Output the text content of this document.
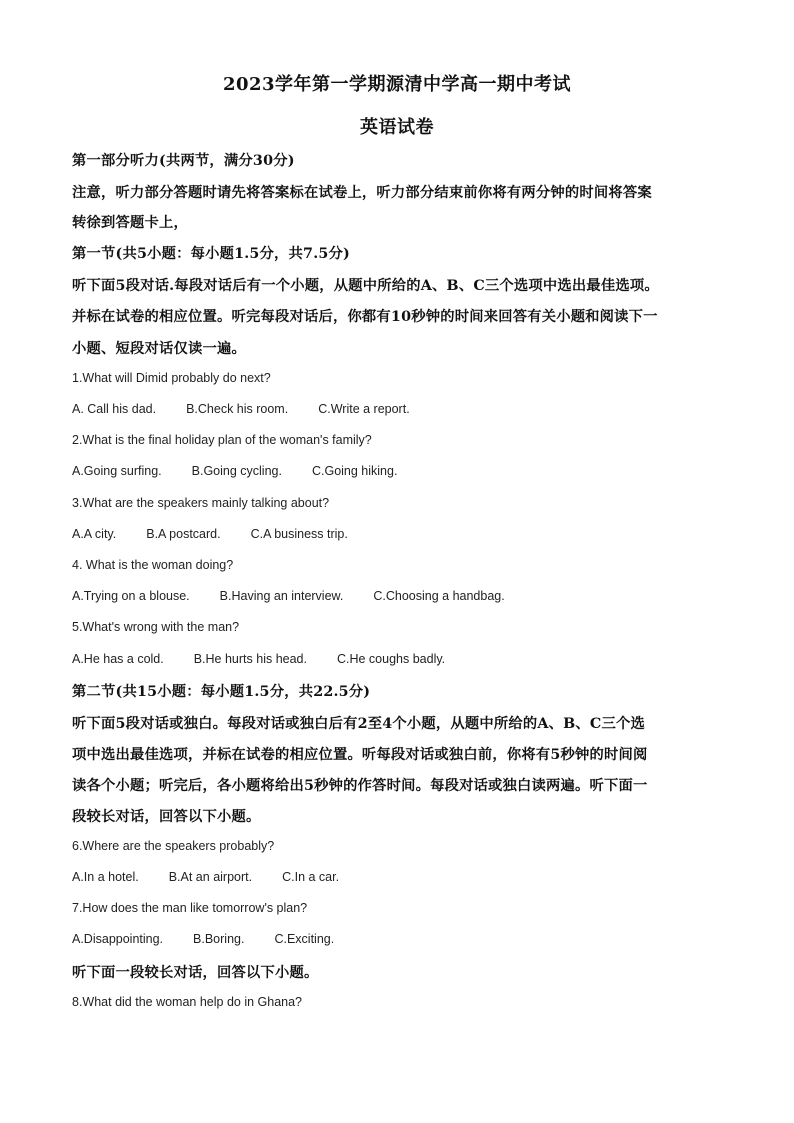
2023学年第一学期源清中学高一期中考试
英语试卷
第一部分听力(共两节，满分30分)
注意，听力部分答题时请先将答案标在试卷上，听力部分结束前你将有两分钟的时间将答案
转徐到答题卡上，
第一节(共5小题：每小题1.5分，共7.5分)
听下面5段对话.每段对话后有一个小题，从题中所给的A、B、C三个选项中选出最佳选项。
并标在试卷的相应位置。听完每段对话后，你都有10秒钟的时间来回答有关小题和阅读下一
小题、短段对话仅读一遍。
1.What will Dimid probably do next?
A. Call his dad. B.Check his room. C.Write a report.
2.What is the final holiday plan of the woman's family?
A.Going surfing. B.Going cycling. C.Going hiking.
3.What are the speakers mainly talking about?
A.A city. B.A postcard. C.A business trip.
4. What is the woman doing?
A.Trying on a blouse. B.Having an interview. C.Choosing a handbag.
5.What's wrong with the man?
A.He has a cold. B.He hurts his head. C.He coughs badly.
第二节(共15小题：每小题1.5分，共22.5分)
听下面5段对话或独白。每段对话或独白后有2至4个小题，从题中所给的A、B、C三个选
项中选出最佳选项，并标在试卷的相应位置。听每段对话或独白前，你将有5秒钟的时间阅
读各个小题；听完后，各小题将给出5秒钟的作答时间。每段对话或独白读两遍。听下面一
段较长对话，回答以下小题。
6.Where are the speakers probably?
A.In a hotel. B.At an airport. C.In a car.
7.How does the man like tomorrow's plan?
A.Disappointing. B.Boring. C.Exciting.
听下面一段较长对话，回答以下小题。
8.What did the woman help do in Ghana?
